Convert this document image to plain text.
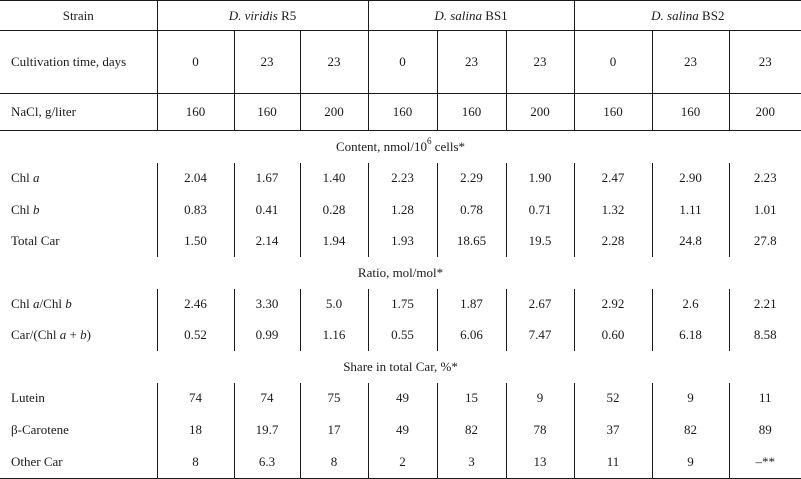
Strain	D. viridis R5			D. salina BS1			D. salina BS2		
Cultivation time, days	0	23	23	0	23	23	0	23	23
NaCl, g/liter	160	160	200	160	160	200	160	160	200
Content, nmol/$10^6$ cells*									
Chl a	2.04	1.67	1.40	2.23	2.29	1.90	2.47	2.90	2.23
Chl b	0.83	0.41	0.28	1.28	0.78	0.71	1.32	1.11	1.01
Total Car	1.50	2.14	1.94	1.93	18.65	19.5	2.28	24.8	27.8
Ratio, mol/mol*									
Chl a/Chl b	2.46	3.30	5.0	1.75	1.87	2.67	2.92	2.6	2.21
Car/(Chl a + b)	0.52	0.99	1.16	0.55	6.06	7.47	0.60	6.18	8.58
Share in total Car, %*									
Lutein	74	74	75	49	15	9	52	9	11
β-Carotene	18	19.7	17	49	82	78	37	82	89
Other Car	8	6.3	8	2	3	13	11	9	–**
